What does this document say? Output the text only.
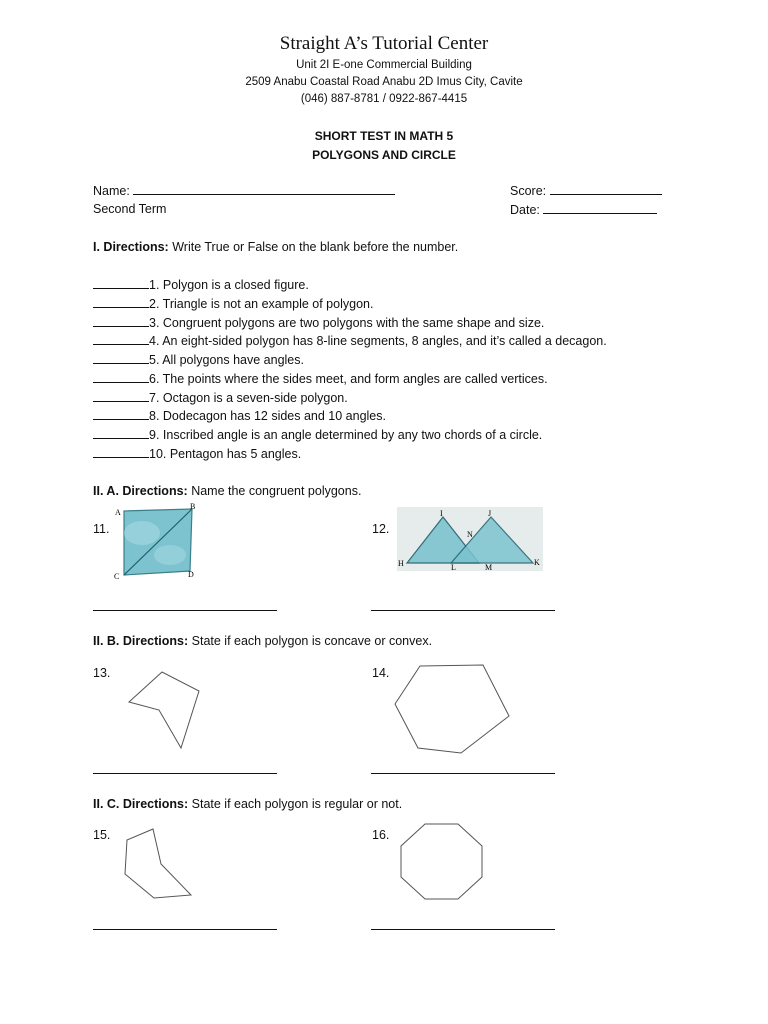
Straight A’s Tutorial Center
Unit 2I E-one Commercial Building
2509 Anabu Coastal Road Anabu 2D Imus City, Cavite
(046) 887-8781 / 0922-867-4415
SHORT TEST IN MATH 5
POLYGONS AND CIRCLE
Name:	Score:
Second Term	Date:
I. Directions: Write True or False on the blank before the number.
1. Polygon is a closed figure.
2. Triangle is not an example of polygon.
3. Congruent polygons are two polygons with the same shape and size.
4. An eight-sided polygon has 8-line segments, 8 angles, and it’s called a decagon.
5. All polygons have angles.
6. The points where the sides meet, and form angles are called vertices.
7. Octagon is a seven-side polygon.
8. Dodecagon has 12 sides and 10 angles.
9. Inscribed angle is an angle determined by any two chords of a circle.
10. Pentagon has 5 angles.
II. A. Directions: Name the congruent polygons.
11.	12.
A
B
C	D
I	J
N
H	L	M
K
II. B. Directions: State if each polygon is concave or convex.
13.	14.
II. C. Directions: State if each polygon is regular or not.
15.	16.
